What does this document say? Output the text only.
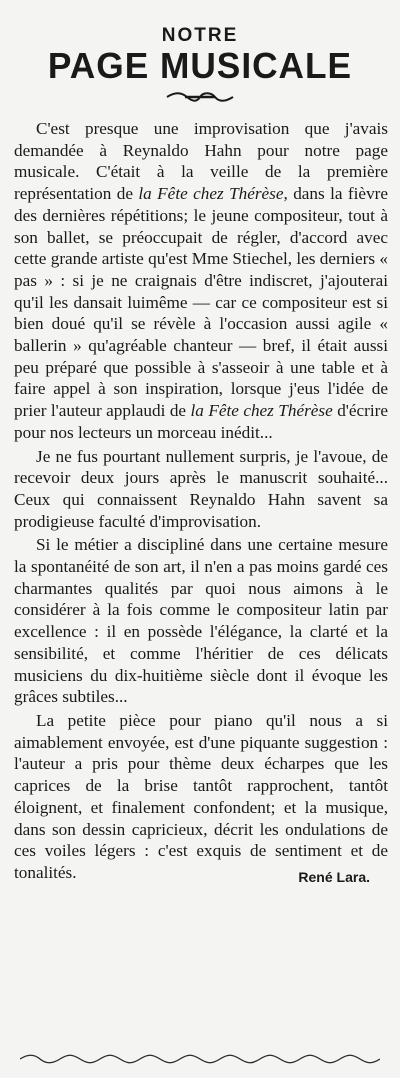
NOTRE
PAGE MUSICALE

C'est presque une improvisation que j'avais demandée à Reynaldo Hahn pour notre page musicale. C'était à la veille de la première représentation de la Fête chez Thérèse, dans la fièvre des dernières répétitions; le jeune compositeur, tout à son ballet, se préoccupait de régler, d'accord avec cette grande artiste qu'est Mme Stiechel, les derniers « pas » : si je ne craignais d'être indiscret, j'ajouterai qu'il les dansait luimême — car ce compositeur est si bien doué qu'il se révèle à l'occasion aussi agile « ballerin » qu'agréable chanteur — bref, il était aussi peu préparé que possible à s'asseoir à une table et à faire appel à son inspiration, lorsque j'eus l'idée de prier l'auteur applaudi de la Fête chez Thérèse d'écrire pour nos lecteurs un morceau inédit...

Je ne fus pourtant nullement surpris, je l'avoue, de recevoir deux jours après le manuscrit souhaité... Ceux qui connaissent Reynaldo Hahn savent sa prodigieuse faculté d'improvisation.

Si le métier a discipliné dans une certaine mesure la spontanéité de son art, il n'en a pas moins gardé ces charmantes qualités par quoi nous aimons à le considérer à la fois comme le compositeur latin par excellence : il en possède l'élégance, la clarté et la sensibilité, et comme l'héritier de ces délicats musiciens du dix-huitième siècle dont il évoque les grâces subtiles...

La petite pièce pour piano qu'il nous a si aimablement envoyée, est d'une piquante suggestion : l'auteur a pris pour thème deux écharpes que les caprices de la brise tantôt rapprochent, tantôt éloignent, et finalement confondent; et la musique, dans son dessin capricieux, décrit les ondulations de ces voiles légers : c'est exquis de sentiment et de tonalités.	René Lara.
